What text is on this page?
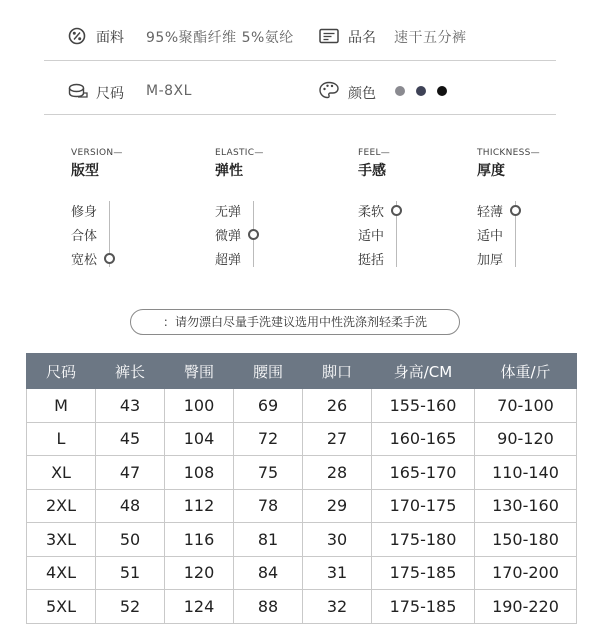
面料 95%聚酯纤维 5%氨纶	品名 速干五分裤
尺码 M-8XL	颜色
VERSION—
版型
修身
合体
宽松
ELASTIC—
弹性
无弹
微弹
超弹
FEEL—
手感
柔软
适中
挺括
THICKNESS—
厚度
轻薄
适中
加厚
：请勿漂白尽量手洗建议选用中性洗涤剂轻柔手洗
尺码	裤长	臀围	腰围	脚口	身高/CM	体重/斤
M	43	100	69	26	155-160	70-100
L	45	104	72	27	160-165	90-120
XL	47	108	75	28	165-170	110-140
2XL	48	112	78	29	170-175	130-160
3XL	50	116	81	30	175-180	150-180
4XL	51	120	84	31	175-185	170-200
5XL	52	124	88	32	175-185	190-220
